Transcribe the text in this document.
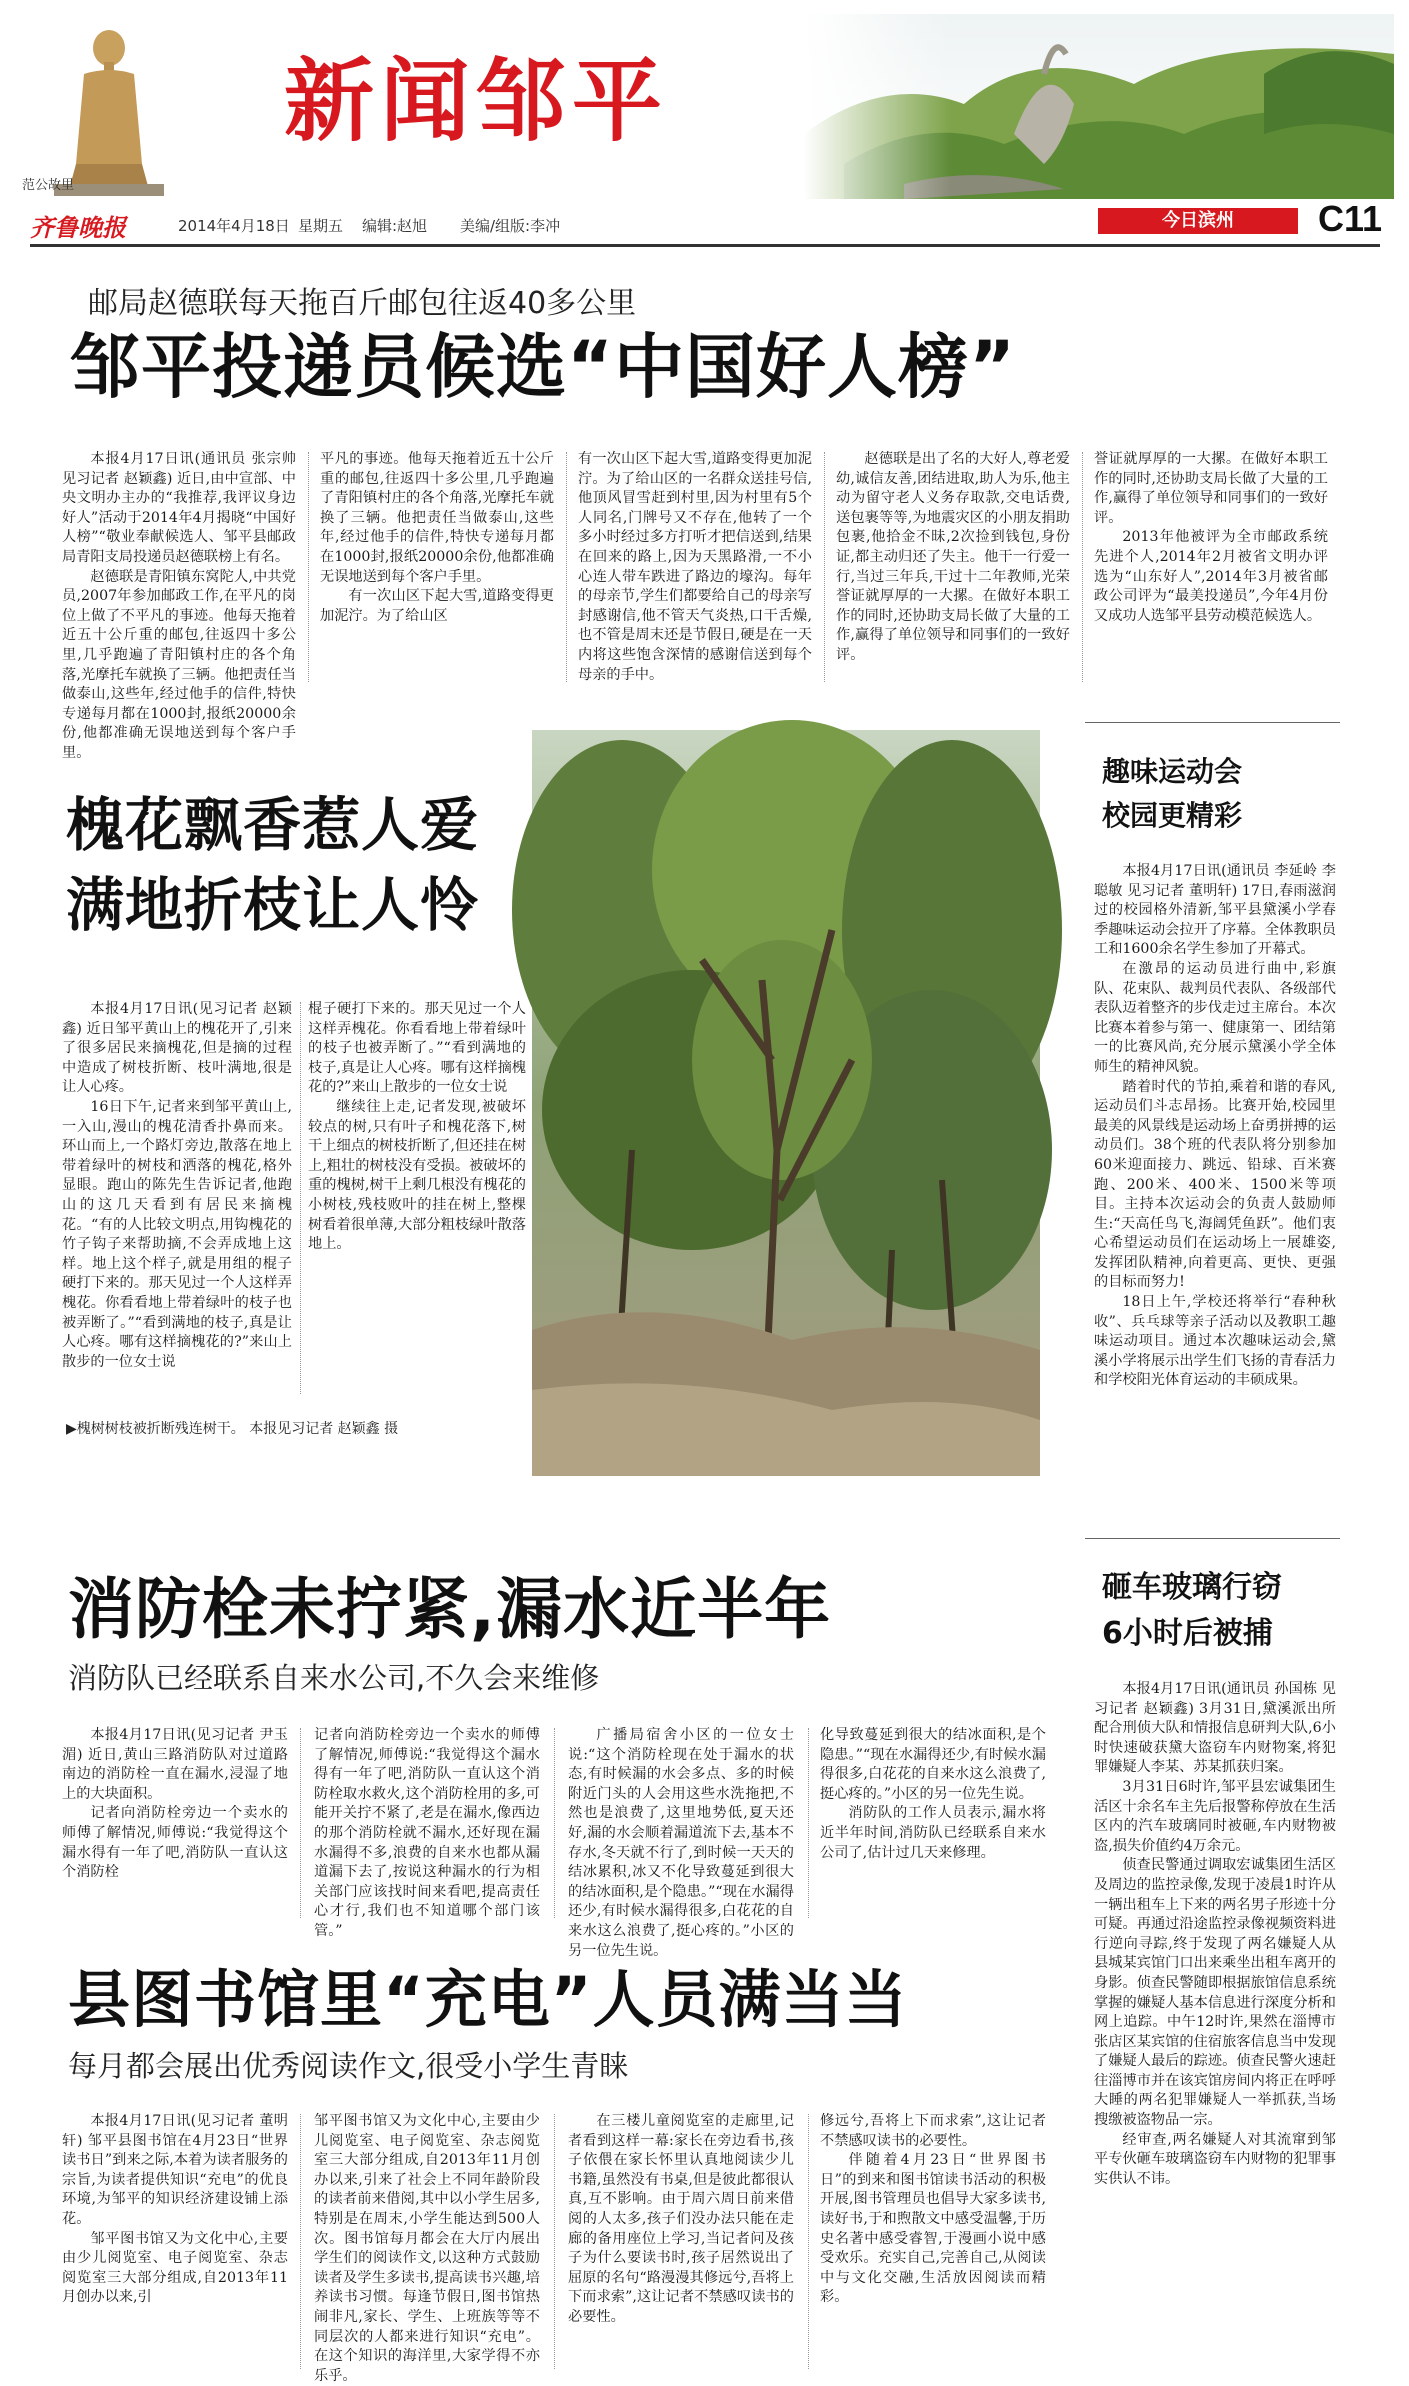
范公故里
新闻邹平
齐鲁晚报	2014年4月18日 星期五 编辑:赵旭 美编/组版:李冲	今日滨州	C11
邮局赵德联每天拖百斤邮包往返40多公里
邹平投递员候选“中国好人榜”

本报4月17日讯(通讯员 张宗帅 见习记者 赵颖鑫) 近日,由中宣部、中央文明办主办的“我推荐,我评议身边好人”活动于2014年4月揭晓“中国好人榜”“敬业奉献候选人、邹平县邮政局青阳支局投递员赵德联榜上有名。

赵德联是青阳镇东窝陀人,中共党员,2007年参加邮政工作,在平凡的岗位上做了不平凡的事迹。他每天拖着近五十公斤重的邮包,往返四十多公里,几乎跑遍了青阳镇村庄的各个角落,光摩托车就换了三辆。他把责任当做泰山,这些年,经过他手的信件,特快专递每月都在1000封,报纸20000余份,他都准确无误地送到每个客户手里。

平凡的事迹。他每天拖着近五十公斤重的邮包,往返四十多公里,几乎跑遍了青阳镇村庄的各个角落,光摩托车就换了三辆。他把责任当做泰山,这些年,经过他手的信件,特快专递每月都在1000封,报纸20000余份,他都准确无误地送到每个客户手里。

有一次山区下起大雪,道路变得更加泥泞。为了给山区

有一次山区下起大雪,道路变得更加泥泞。为了给山区的一名群众送挂号信,他顶风冒雪赶到村里,因为村里有5个人同名,门牌号又不存在,他转了一个多小时经过多方打听才把信送到,结果在回来的路上,因为天黑路滑,一不小心连人带车跌进了路边的壕沟。每年的母亲节,学生们都要给自己的母亲写封感谢信,他不管天气炎热,口干舌燥,也不管是周末还是节假日,硬是在一天内将这些饱含深情的感谢信送到每个母亲的手中。

赵德联是出了名的大好人,尊老爱幼,诚信友善,团结进取,助人为乐,他主动为留守老人义务存取款,交电话费,送包裹等等,为地震灾区的小朋友捐助包裹,他拾金不昧,2次捡到钱包,身份证,都主动归还了失主。他干一行爱一行,当过三年兵,干过十二年教师,光荣誉证就厚厚的一大摞。在做好本职工作的同时,还协助支局长做了大量的工作,赢得了单位领导和同事们的一致好评。

誉证就厚厚的一大摞。在做好本职工作的同时,还协助支局长做了大量的工作,赢得了单位领导和同事们的一致好评。

2013年他被评为全市邮政系统先进个人,2014年2月被省文明办评选为“山东好人”,2014年3月被省邮政公司评为“最美投递员”,今年4月份又成功人选邹平县劳动模范候选人。

槐花飘香惹人爱
满地折枝让人怜

本报4月17日讯(见习记者 赵颖鑫) 近日邹平黄山上的槐花开了,引来了很多居民来摘槐花,但是摘的过程中造成了树枝折断、枝叶满地,很是让人心疼。

16日下午,记者来到邹平黄山上,一入山,漫山的槐花清香扑鼻而来。环山而上,一个路灯旁边,散落在地上带着绿叶的树枝和洒落的槐花,格外显眼。跑山的陈先生告诉记者,他跑山的这几天看到有居民来摘槐花。“有的人比较文明点,用钩槐花的竹子钩子来帮助摘,不会弄成地上这样。地上这个样子,就是用组的棍子硬打下来的。那天见过一个人这样弄槐花。你看看地上带着绿叶的枝子也被弄断了。”“看到满地的枝子,真是让人心疼。哪有这样摘槐花的?”来山上散步的一位女士说

棍子硬打下来的。那天见过一个人这样弄槐花。你看看地上带着绿叶的枝子也被弄断了。”“看到满地的枝子,真是让人心疼。哪有这样摘槐花的?”来山上散步的一位女士说

继续往上走,记者发现,被破坏较点的树,只有叶子和槐花落下,树干上细点的树枝折断了,但还挂在树上,粗壮的树枝没有受损。被破坏的重的槐树,树干上剩几根没有槐花的小树枝,残枝败叶的挂在树上,整棵树看着很单薄,大部分粗枝绿叶散落地上。

▶槐树树枝被折断残连树干。 本报见习记者 赵颖鑫 摄
趣味运动会
校园更精彩

本报4月17日讯(通讯员 李延岭 李聪敏 见习记者 董明轩) 17日,春雨滋润过的校园格外清新,邹平县黛溪小学春季趣味运动会拉开了序幕。全体教职员工和1600余名学生参加了开幕式。

在激昂的运动员进行曲中,彩旗队、花束队、裁判员代表队、各级部代表队迈着整齐的步伐走过主席台。本次比赛本着参与第一、健康第一、团结第一的比赛风尚,充分展示黛溪小学全体师生的精神风貌。

踏着时代的节拍,乘着和谐的春风,运动员们斗志昂扬。比赛开始,校园里最美的风景线是运动场上奋勇拼搏的运动员们。38个班的代表队将分别参加60米迎面接力、跳远、铅球、百米赛跑、200米、400米、1500米等项目。主持本次运动会的负责人鼓励师生:“天高任鸟飞,海阔凭鱼跃”。他们衷心希望运动员们在运动场上一展雄姿,发挥团队精神,向着更高、更快、更强的目标而努力!

18日上午,学校还将举行“春种秋收”、兵乓球等亲子活动以及教职工趣味运动项目。通过本次趣味运动会,黛溪小学将展示出学生们飞扬的青春活力和学校阳光体育运动的丰硕成果。

消防栓未拧紧,漏水近半年
消防队已经联系自来水公司,不久会来维修

本报4月17日讯(见习记者 尹玉湄) 近日,黄山三路消防队对过道路南边的消防栓一直在漏水,浸湿了地上的大块面积。

记者向消防栓旁边一个卖水的师傅了解情况,师傅说:“我觉得这个漏水得有一年了吧,消防队一直认这个消防栓

记者向消防栓旁边一个卖水的师傅了解情况,师傅说:“我觉得这个漏水得有一年了吧,消防队一直认这个消防栓取水救火,这个消防栓用的多,可能开关拧不紧了,老是在漏水,像西边的那个消防栓就不漏水,还好现在漏水漏得不多,浪费的自来水也都从漏道漏下去了,按说这种漏水的行为相关部门应该找时间来看吧,提高责任心才行,我们也不知道哪个部门该管。”

广播局宿舍小区的一位女士说:“这个消防栓现在处于漏水的状态,有时候漏的水会多点、多的时候附近门头的人会用这些水洗拖把,不然也是浪费了,这里地势低,夏天还好,漏的水会顺着漏道流下去,基本不存水,冬天就不行了,到时候一天天的结冰累积,冰又不化导致蔓延到很大的结冰面积,是个隐患。”“现在水漏得还少,有时候水漏得很多,白花花的自来水这么浪费了,挺心疼的。”小区的另一位先生说。

化导致蔓延到很大的结冰面积,是个隐患。”“现在水漏得还少,有时候水漏得很多,白花花的自来水这么浪费了,挺心疼的。”小区的另一位先生说。

消防队的工作人员表示,漏水将近半年时间,消防队已经联系自来水公司了,估计过几天来修理。

砸车玻璃行窃
6小时后被捕

本报4月17日讯(通讯员 孙国栋 见习记者 赵颖鑫) 3月31日,黛溪派出所配合刑侦大队和情报信息研判大队,6小时快速破获黛大盗窃车内财物案,将犯罪嫌疑人李某、苏某抓获归案。

3月31日6时许,邹平县宏诚集团生活区十余名车主先后报警称停放在生活区内的汽车玻璃同时被砸,车内财物被盗,损失价值约4万余元。

侦查民警通过调取宏诚集团生活区及周边的监控录像,发现于凌晨1时许从一辆出租车上下来的两名男子形迹十分可疑。再通过沿途监控录像视频资料进行逆向寻踪,终于发现了两名嫌疑人从县城某宾馆门口出来乘坐出租车离开的身影。侦查民警随即根据旅馆信息系统掌握的嫌疑人基本信息进行深度分析和网上追踪。中午12时许,果然在淄博市张店区某宾馆的住宿旅客信息当中发现了嫌疑人最后的踪迹。侦查民警火速赶往淄博市并在该宾馆房间内将正在呼呼大睡的两名犯罪嫌疑人一举抓获,当场搜缴被盗物品一宗。

经审查,两名嫌疑人对其流窜到邹平专伙砸车玻璃盗窃车内财物的犯罪事实供认不讳。

县图书馆里“充电”人员满当当
每月都会展出优秀阅读作文,很受小学生青睐

本报4月17日讯(见习记者 董明轩) 邹平县图书馆在4月23日“世界读书日”到来之际,本着为读者服务的宗旨,为读者提供知识“充电”的优良环境,为邹平的知识经济建设铺上添花。

邹平图书馆又为文化中心,主要由少儿阅览室、电子阅览室、杂志阅览室三大部分组成,自2013年11月创办以来,引

邹平图书馆又为文化中心,主要由少儿阅览室、电子阅览室、杂志阅览室三大部分组成,自2013年11月创办以来,引来了社会上不同年龄阶段的读者前来借阅,其中以小学生居多,特别是在周末,小学生能达到500人次。图书馆每月都会在大厅内展出学生们的阅读作文,以这种方式鼓励读者及学生多读书,提高读书兴趣,培养读书习惯。每逢节假日,图书馆热闹非凡,家长、学生、上班族等等不同层次的人都来进行知识“充电”。在这个知识的海洋里,大家学得不亦乐乎。

在三楼儿童阅览室的走廊里,记者看到这样一幕:家长在旁边看书,孩子依偎在家长怀里认真地阅读少儿书籍,虽然没有书桌,但是彼此都很认真,互不影响。由于周六周日前来借阅的人太多,孩子们没办法只能在走廊的备用座位上学习,当记者问及孩子为什么要读书时,孩子居然说出了屈原的名句“路漫漫其修远兮,吾将上下而求索”,这让记者不禁感叹读书的必要性。

修远兮,吾将上下而求索”,这让记者不禁感叹读书的必要性。

伴随着4月23日“世界图书日”的到来和图书馆读书活动的积极开展,图书管理员也倡导大家多读书,读好书,于和煦散文中感受温馨,于历史名著中感受睿智,于漫画小说中感受欢乐。充实自己,完善自己,从阅读中与文化交融,生活放因阅读而精彩。
